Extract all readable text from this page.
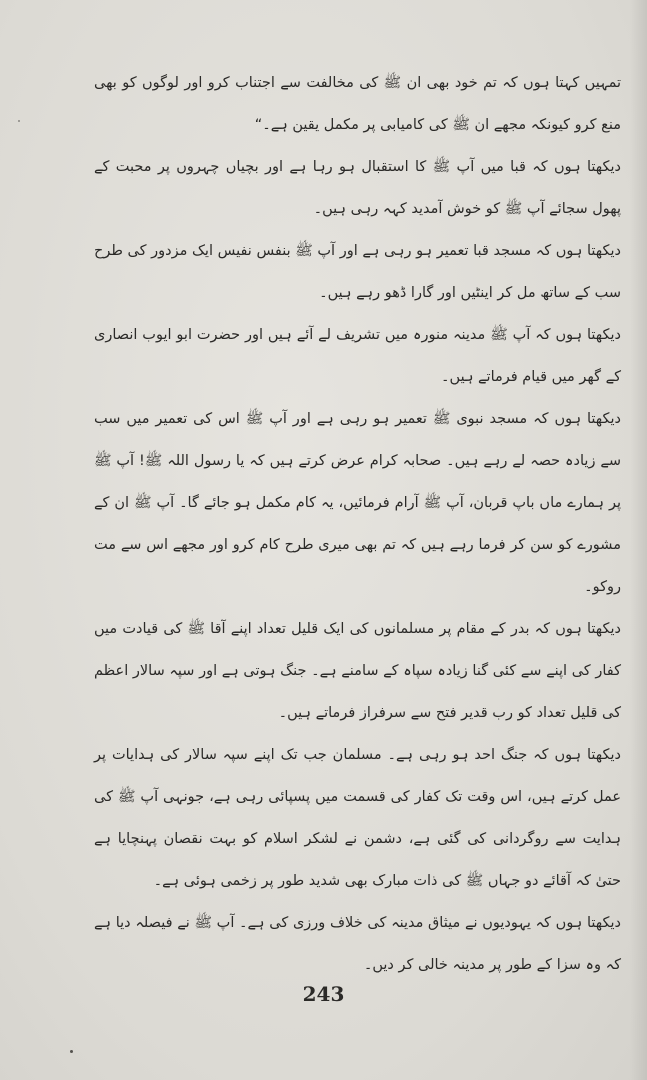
تمہیں کہتا ہوں کہ تم خود بھی ان ﷺ کی مخالفت سے اجتناب کرو اور لوگوں کو بھی منع کرو کیونکہ مجھے ان ﷺ کی کامیابی پر مکمل یقین ہے۔“

دیکھتا ہوں کہ قبا میں آپ ﷺ کا استقبال ہو رہا ہے اور بچیاں چہروں پر محبت کے پھول سجائے آپ ﷺ کو خوش آمدید کہہ رہی ہیں۔

دیکھتا ہوں کہ مسجد قبا تعمیر ہو رہی ہے اور آپ ﷺ بنفس نفیس ایک مزدور کی طرح سب کے ساتھ مل کر اینٹیں اور گارا ڈھو رہے ہیں۔

دیکھتا ہوں کہ آپ ﷺ مدینہ منورہ میں تشریف لے آئے ہیں اور حضرت ابو ایوب انصاری کے گھر میں قیام فرماتے ہیں۔

دیکھتا ہوں کہ مسجد نبوی ﷺ تعمیر ہو رہی ہے اور آپ ﷺ اس کی تعمیر میں سب سے زیادہ حصہ لے رہے ہیں۔ صحابہ کرام عرض کرتے ہیں کہ یا رسول اللہ ﷺ! آپ ﷺ پر ہمارے ماں باپ قربان، آپ ﷺ آرام فرمائیں، یہ کام مکمل ہو جائے گا۔ آپ ﷺ ان کے مشورے کو سن کر فرما رہے ہیں کہ تم بھی میری طرح کام کرو اور مجھے اس سے مت روکو۔

دیکھتا ہوں کہ بدر کے مقام پر مسلمانوں کی ایک قلیل تعداد اپنے آقا ﷺ کی قیادت میں کفار کی اپنے سے کئی گنا زیادہ سپاہ کے سامنے ہے۔ جنگ ہوتی ہے اور سپہ سالار اعظم کی قلیل تعداد کو رب قدیر فتح سے سرفراز فرماتے ہیں۔

دیکھتا ہوں کہ جنگ احد ہو رہی ہے۔ مسلمان جب تک اپنے سپہ سالار کی ہدایات پر عمل کرتے ہیں، اس وقت تک کفار کی قسمت میں پسپائی رہی ہے، جونہی آپ ﷺ کی ہدایت سے روگردانی کی گئی ہے، دشمن نے لشکر اسلام کو بہت نقصان پہنچایا ہے حتیٰ کہ آقائے دو جہاں ﷺ کی ذات مبارک بھی شدید طور پر زخمی ہوئی ہے۔

دیکھتا ہوں کہ یہودیوں نے میثاق مدینہ کی خلاف ورزی کی ہے۔ آپ ﷺ نے فیصلہ دیا ہے کہ وہ سزا کے طور پر مدینہ خالی کر دیں۔

243
